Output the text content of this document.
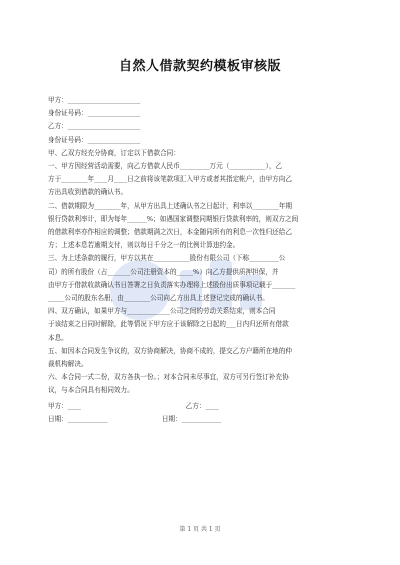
自然人借款契约模板审核版
甲方：______________________
身份证号码：________________
乙方：______________________
身份证号码：________________
甲、乙双方经充分协商，订定以下借款合同：
一、甲方因经营活动需要，向乙方借款人民币_________万元（___________），乙
方于________年____月____日之前将该笔款项汇入甲方或者其指定帐户，由甲方向乙
方出具收到借款的确认书。
二、借款期限为________年，从甲方出具上述确认书之日起计，利率以________年期
银行贷款利率计，即为每年______%；如遇国家调整同期银行贷款利率的，则双方之间
的借款利率亦作相应的调整；借款期满之次日，本金随同所有的利息一次性归还给乙
方；上述本息若逾期支付，则以每日千分之一的比例计算违约金。
三、为上述条款的履行，甲方以其在___________股份有限公司（下称_________公
司）的所有股份（占_______公司注册资本的_____%）向乙方提供质押担保，并
由甲方于借款收款确认书日答署之日负责落实办理将上述股份出质事项记载于_______
_____公司的股东名册，由________公司向乙方出具上述登记完成的确认书。
四、双方确认，如果甲方与_____________公司之间的劳动关系结束，则本合同
于该结束之日同时解除，此等情况下甲方应于该解除之日起的___日内归还所有借款
本息。
五、如因本合同发生争议的，双方协商解决，协商不成的，提交乙方户籍所在地的仲
裁机构解决。
六、本合同一式二份，双方各执一份。；对本合同未尽事宜，双方可另行签订补充协
议，与本合同具有相同效力。
甲方：____                                                  乙方：____
日期：____________                          日期：____________
第 1 页 共 1 页
